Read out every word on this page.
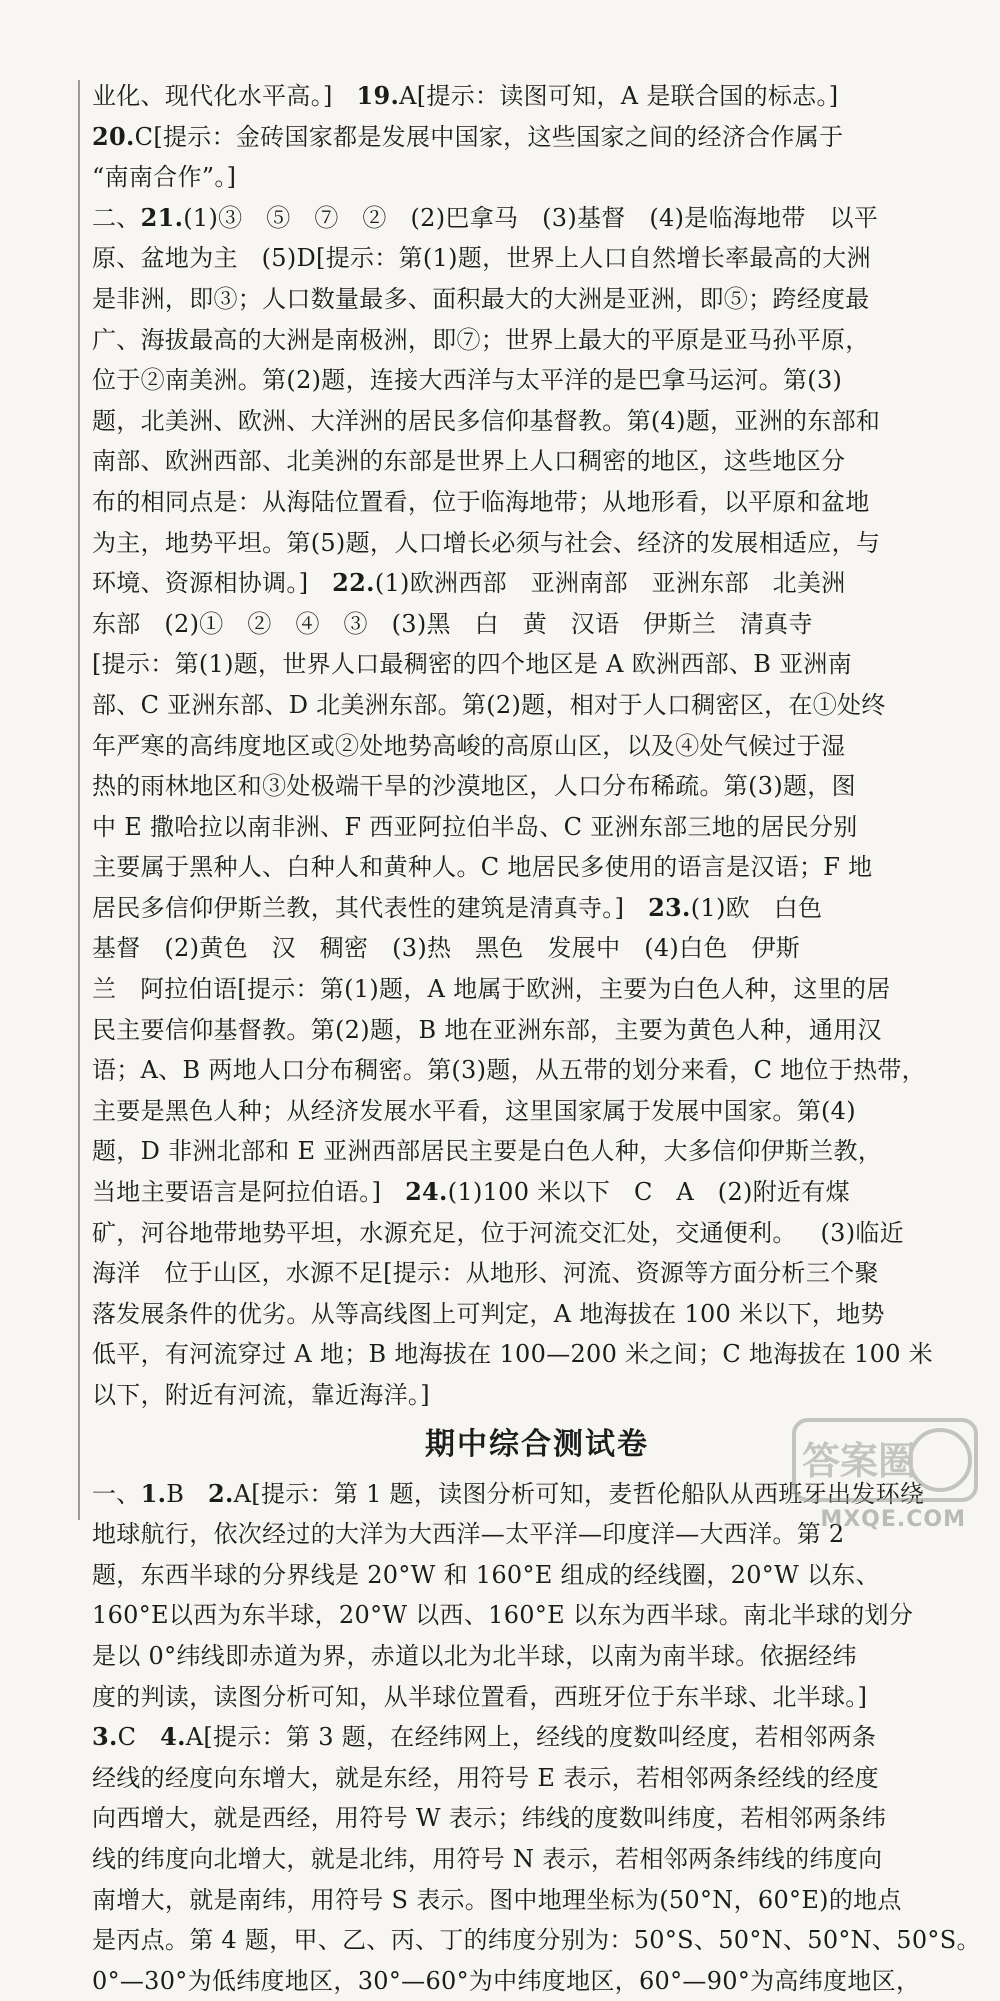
业化、现代化水平高。]   19.A[提示：读图可知，A 是联合国的标志。]
20.C[提示：金砖国家都是发展中国家，这些国家之间的经济合作属于
“南南合作”。]
二、21.(1)③   ⑤   ⑦   ②   (2)巴拿马   (3)基督   (4)是临海地带   以平
原、盆地为主   (5)D[提示：第(1)题，世界上人口自然增长率最高的大洲
是非洲，即③；人口数量最多、面积最大的大洲是亚洲，即⑤；跨经度最
广、海拔最高的大洲是南极洲，即⑦；世界上最大的平原是亚马孙平原，
位于②南美洲。第(2)题，连接大西洋与太平洋的是巴拿马运河。第(3)
题，北美洲、欧洲、大洋洲的居民多信仰基督教。第(4)题，亚洲的东部和
南部、欧洲西部、北美洲的东部是世界上人口稠密的地区，这些地区分
布的相同点是：从海陆位置看，位于临海地带；从地形看，以平原和盆地
为主，地势平坦。第(5)题，人口增长必须与社会、经济的发展相适应，与
环境、资源相协调。]   22.(1)欧洲西部   亚洲南部   亚洲东部   北美洲
东部   (2)①   ②   ④   ③   (3)黑   白   黄   汉语   伊斯兰   清真寺
[提示：第(1)题，世界人口最稠密的四个地区是 A 欧洲西部、B 亚洲南
部、C 亚洲东部、D 北美洲东部。第(2)题，相对于人口稠密区，在①处终
年严寒的高纬度地区或②处地势高峻的高原山区，以及④处气候过于湿
热的雨林地区和③处极端干旱的沙漠地区，人口分布稀疏。第(3)题，图
中 E 撒哈拉以南非洲、F 西亚阿拉伯半岛、C 亚洲东部三地的居民分别
主要属于黑种人、白种人和黄种人。C 地居民多使用的语言是汉语；F 地
居民多信仰伊斯兰教，其代表性的建筑是清真寺。]   23.(1)欧   白色
基督   (2)黄色   汉   稠密   (3)热   黑色   发展中   (4)白色   伊斯
兰   阿拉伯语[提示：第(1)题，A 地属于欧洲，主要为白色人种，这里的居
民主要信仰基督教。第(2)题，B 地在亚洲东部，主要为黄色人种，通用汉
语；A、B 两地人口分布稠密。第(3)题，从五带的划分来看，C 地位于热带，
主要是黑色人种；从经济发展水平看，这里国家属于发展中国家。第(4)
题，D 非洲北部和 E 亚洲西部居民主要是白色人种，大多信仰伊斯兰教，
当地主要语言是阿拉伯语。]   24.(1)100 米以下   C   A   (2)附近有煤
矿，河谷地带地势平坦，水源充足，位于河流交汇处，交通便利。   (3)临近
海洋   位于山区，水源不足[提示：从地形、河流、资源等方面分析三个聚
落发展条件的优劣。从等高线图上可判定，A 地海拔在 100 米以下，地势
低平，有河流穿过 A 地；B 地海拔在 100—200 米之间；C 地海拔在 100 米
以下，附近有河流，靠近海洋。]
期中综合测试卷
一、1.B   2.A[提示：第 1 题，读图分析可知，麦哲伦船队从西班牙出发环绕
地球航行，依次经过的大洋为大西洋—太平洋—印度洋—大西洋。第 2
题，东西半球的分界线是 20°W 和 160°E 组成的经线圈，20°W 以东、
160°E以西为东半球，20°W 以西、160°E 以东为西半球。南北半球的划分
是以 0°纬线即赤道为界，赤道以北为北半球，以南为南半球。依据经纬
度的判读，读图分析可知，从半球位置看，西班牙位于东半球、北半球。]
3.C   4.A[提示：第 3 题，在经纬网上，经线的度数叫经度，若相邻两条
经线的经度向东增大，就是东经，用符号 E 表示，若相邻两条经线的经度
向西增大，就是西经，用符号 W 表示；纬线的度数叫纬度，若相邻两条纬
线的纬度向北增大，就是北纬，用符号 N 表示，若相邻两条纬线的纬度向
南增大，就是南纬，用符号 S 表示。图中地理坐标为(50°N，60°E)的地点
是丙点。第 4 题，甲、乙、丙、丁的纬度分别为：50°S、50°N、50°N、50°S。
0°—30°为低纬度地区，30°—60°为中纬度地区，60°—90°为高纬度地区，
答案圈
MXQE.COM
